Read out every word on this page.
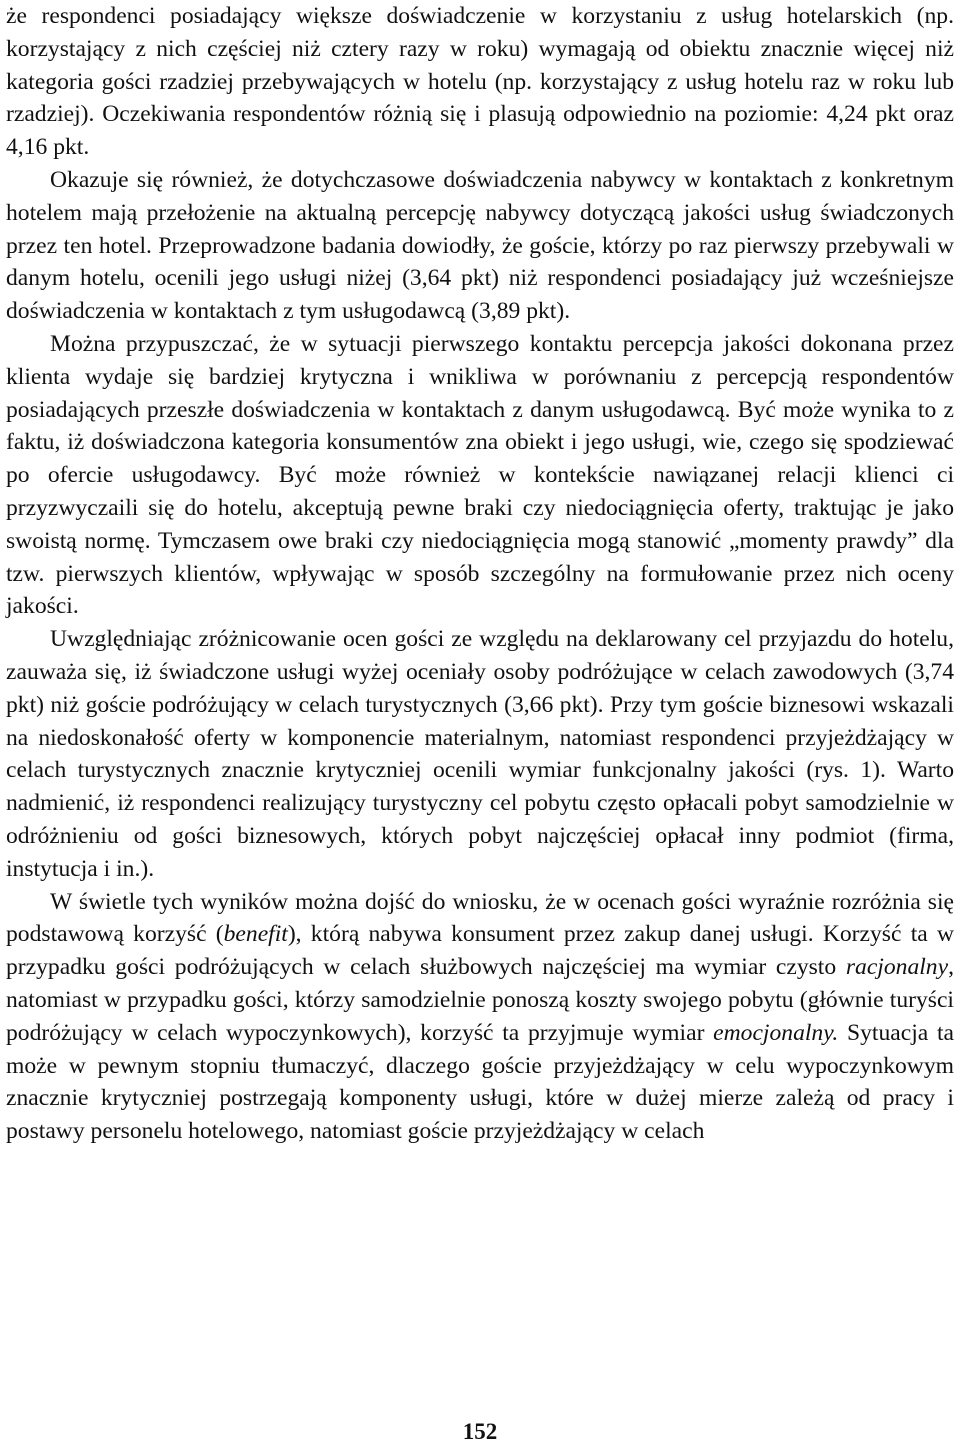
że respondenci posiadający większe doświadczenie w korzystaniu z usług hotelarskich (np. korzystający z nich częściej niż cztery razy w roku) wymagają od obiektu znacznie więcej niż kategoria gości rzadziej przebywających w hotelu (np. korzystający z usług hotelu raz w roku lub rzadziej). Oczekiwania respondentów różnią się i plasują odpowiednio na poziomie: 4,24 pkt oraz 4,16 pkt.

Okazuje się również, że dotychczasowe doświadczenia nabywcy w kontaktach z konkretnym hotelem mają przełożenie na aktualną percepcję nabywcy dotyczącą jakości usług świadczonych przez ten hotel. Przeprowadzone badania dowiodły, że goście, którzy po raz pierwszy przebywali w danym hotelu, ocenili jego usługi niżej (3,64 pkt) niż respondenci posiadający już wcześniejsze doświadczenia w kontaktach z tym usługodawcą (3,89 pkt).

Można przypuszczać, że w sytuacji pierwszego kontaktu percepcja jakości dokonana przez klienta wydaje się bardziej krytyczna i wnikliwa w porównaniu z percepcją respondentów posiadających przeszłe doświadczenia w kontaktach z danym usługodawcą. Być może wynika to z faktu, iż doświadczona kategoria konsumentów zna obiekt i jego usługi, wie, czego się spodziewać po ofercie usługodawcy. Być może również w kontekście nawiązanej relacji klienci ci przyzwyczaili się do hotelu, akceptują pewne braki czy niedociągnięcia oferty, traktując je jako swoistą normę. Tymczasem owe braki czy niedociągnięcia mogą stanowić „momenty prawdy” dla tzw. pierwszych klientów, wpływając w sposób szczególny na formułowanie przez nich oceny jakości.

Uwzględniając zróżnicowanie ocen gości ze względu na deklarowany cel przyjazdu do hotelu, zauważa się, iż świadczone usługi wyżej oceniały osoby podróżujące w celach zawodowych (3,74 pkt) niż goście podróżujący w celach turystycznych (3,66 pkt). Przy tym goście biznesowi wskazali na niedoskonałość oferty w komponencie materialnym, natomiast respondenci przyjeżdżający w celach turystycznych znacznie krytyczniej ocenili wymiar funkcjonalny jakości (rys. 1). Warto nadmienić, iż respondenci realizujący turystyczny cel pobytu często opłacali pobyt samodzielnie w odróżnieniu od gości biznesowych, których pobyt najczęściej opłacał inny podmiot (firma, instytucja i in.).

W świetle tych wyników można dojść do wniosku, że w ocenach gości wyraźnie rozróżnia się podstawową korzyść (benefit), którą nabywa konsument przez zakup danej usługi. Korzyść ta w przypadku gości podróżujących w celach służbowych najczęściej ma wymiar czysto racjonalny, natomiast w przypadku gości, którzy samodzielnie ponoszą koszty swojego pobytu (głównie turyści podróżujący w celach wypoczynkowych), korzyść ta przyjmuje wymiar emocjonalny. Sytuacja ta może w pewnym stopniu tłumaczyć, dlaczego goście przyjeżdżający w celu wypoczynkowym znacznie krytyczniej postrzegają komponenty usługi, które w dużej mierze zależą od pracy i postawy personelu hotelowego, natomiast goście przyjeżdżający w celach

152
